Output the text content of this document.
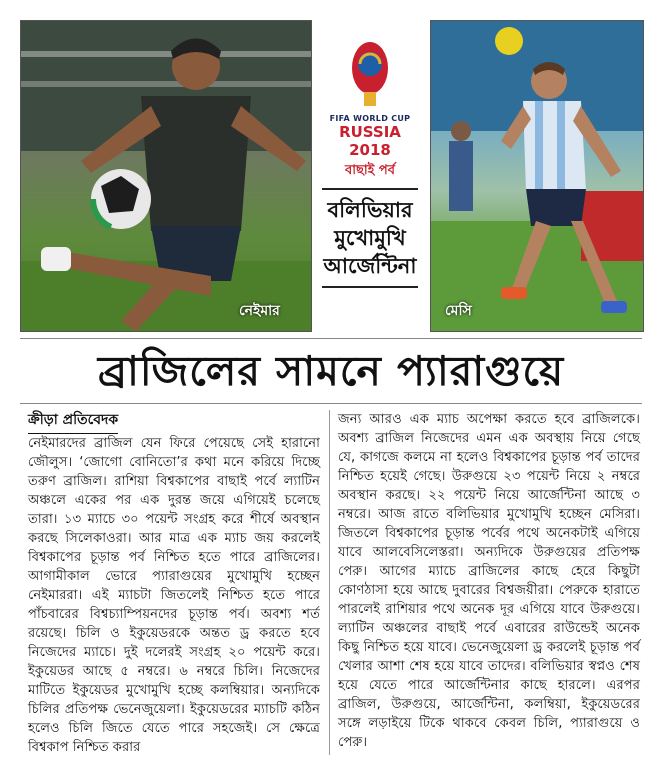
নেইমার
FIFA WORLD CUP
RUSSIA 2018
বাছাই পর্ব
বলিভিয়ার
মুখোমুখি
আর্জেন্টিনা
মেসি
ব্রাজিলের সামনে প্যারাগুয়ে
ক্রীড়া প্রতিবেদক

নেইমারদের ব্রাজিল যেন ফিরে পেয়েছে সেই হারানো জৌলুস। ‘জোগো বোনিতো’র কথা মনে করিয়ে দিচ্ছে তরুণ ব্রাজিল। রাশিয়া বিশ্বকাপের বাছাই পর্বে ল্যাটিন অঞ্চলে একের পর এক দুরন্ত জয়ে এগিয়েই চলেছে তারা। ১৩ ম্যাচে ৩০ পয়েন্ট সংগ্রহ করে শীর্ষে অবস্থান করছে সিলেকাওরা। আর মাত্র এক ম্যাচ জয় করলেই বিশ্বকাপের চূড়ান্ত পর্ব নিশ্চিত হতে পারে ব্রাজিলের। আগামীকাল ভোরে প্যারাগুয়ের মুখোমুখি হচ্ছেন নেইমাররা। এই ম্যাচটা জিতলেই নিশ্চিত হতে পারে পাঁচবারের বিশ্বচ্যাম্পিয়নদের চূড়ান্ত পর্ব। অবশ্য শর্ত রয়েছে। চিলি ও ইকুয়েডরকে অন্তত ড্র করতে হবে নিজেদের ম্যাচে। দুই দলেরই সংগ্রহ ২০ পয়েন্ট করে। ইকুয়েডর আছে ৫ নম্বরে। ৬ নম্বরে চিলি। নিজেদের মাটিতে ইকুয়েডর মুখোমুখি হচ্ছে কলম্বিয়ার। অন্যদিকে চিলির প্রতিপক্ষ ভেনেজুয়েলা। ইকুয়েডরের ম্যাচটি কঠিন হলেও চিলি জিতে যেতে পারে সহজেই। সে ক্ষেত্রে বিশ্বকাপ নিশ্চিত করার

জন্য আরও এক ম্যাচ অপেক্ষা করতে হবে ব্রাজিলকে। অবশ্য ব্রাজিল নিজেদের এমন এক অবস্থায় নিয়ে গেছে যে, কাগজে কলমে না হলেও বিশ্বকাপের চূড়ান্ত পর্ব তাদের নিশ্চিত হয়েই গেছে। উরুগুয়ে ২৩ পয়েন্ট নিয়ে ২ নম্বরে অবস্থান করছে। ২২ পয়েন্ট নিয়ে আর্জেন্টিনা আছে ৩ নম্বরে। আজ রাতে বলিভিয়ার মুখোমুখি হচ্ছেন মেসিরা। জিতলে বিশ্বকাপের চূড়ান্ত পর্বের পথে অনেকটাই এগিয়ে যাবে আলবেসিলেস্তরা। অন্যদিকে উরুগুয়ের প্রতিপক্ষ পেরু। আগের ম্যাচে ব্রাজিলের কাছে হেরে কিছুটা কোণঠাসা হয়ে আছে দুবারের বিশ্বজয়ীরা। পেরুকে হারাতে পারলেই রাশিয়ার পথে অনেক দূর এগিয়ে যাবে উরুগুয়ে। ল্যাটিন অঞ্চলের বাছাই পর্বে এবারের রাউন্ডেই অনেক কিছু নিশ্চিত হয়ে যাবে। ভেনেজুয়েলা ড্র করলেই চূড়ান্ত পর্ব খেলার আশা শেষ হয়ে যাবে তাদের। বলিভিয়ার স্বপ্নও শেষ হয়ে যেতে পারে আর্জেন্টিনার কাছে হারলে। এরপর ব্রাজিল, উরুগুয়ে, আর্জেন্টিনা, কলম্বিয়া, ইকুয়েডরের সঙ্গে লড়াইয়ে টিকে থাকবে কেবল চিলি, প্যারাগুয়ে ও পেরু।
